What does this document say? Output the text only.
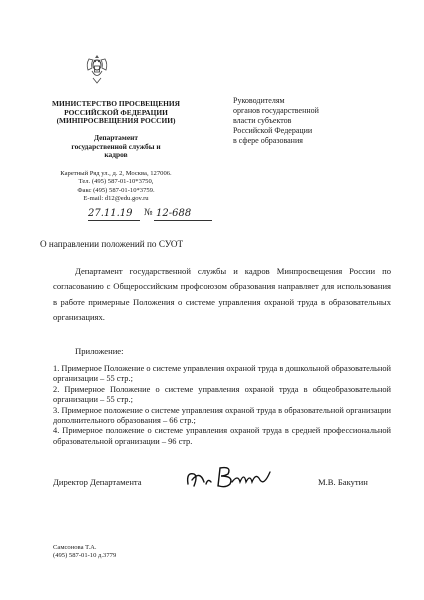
МИНИСТЕРСТВО ПРОСВЕЩЕНИЯ
РОССИЙСКОЙ ФЕДЕРАЦИИ
(МИНПРОСВЕЩЕНИЯ РОССИИ)
Департамент
государственной службы и
кадров
Каретный Ряд ул., д. 2, Москва, 127006.
Тел. (495) 587-01-10*3750,
Факс (495) 587-01-10*3759.
E-mail: d12@edu.gov.ru
27.11.19 № 12-688
Руководителям
органов государственной
власти субъектов
Российской Федерации
в сфере образования
О направлении положений по СУОТ
Департамент государственной службы и кадров Минпросвещения России по согласованию с Общероссийским профсоюзом образования направляет для использования в работе примерные Положения о системе управления охраной труда в образовательных организациях.
Приложение:
1. Примерное Положение о системе управления охраной труда в дошкольной образовательной организации – 55 стр.;
2. Примерное Положение о системе управления охраной труда в общеобразовательной организации – 55 стр.;
3. Примерное положение о системе управления охраной труда в образовательной организации дополнительного образования – 66 стр.;
4. Примерное положение о системе управления охраной труда в средней профессиональной образовательной организации – 96 стр.
Директор Департамента	М.В. Бакутин
Самсонова Т.А.
(495) 587-01-10 д.3779
